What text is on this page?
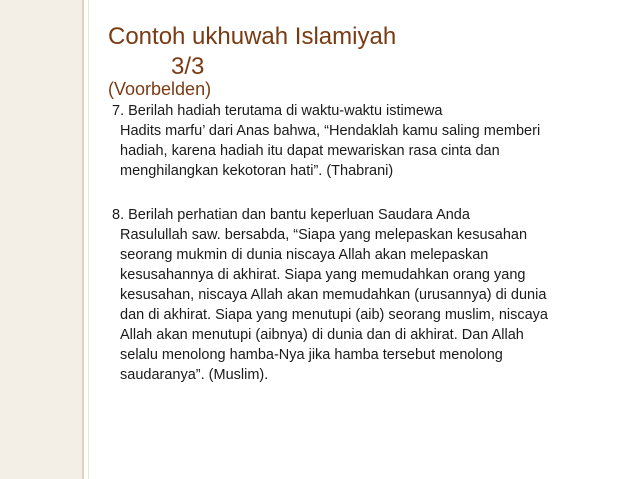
Contoh ukhuwah Islamiyah
3/3
(Voorbelden)
7. Berilah hadiah terutama di waktu-waktu istimewa
Hadits marfu’ dari Anas bahwa, “Hendaklah kamu saling memberi
hadiah, karena hadiah itu dapat mewariskan rasa cinta dan
menghilangkan kekotoran hati”. (Thabrani)
8. Berilah perhatian dan bantu keperluan Saudara Anda
Rasulullah saw. bersabda, “Siapa yang melepaskan kesusahan
seorang mukmin di dunia niscaya Allah akan melepaskan
kesusahannya di akhirat. Siapa yang memudahkan orang yang
kesusahan, niscaya Allah akan memudahkan (urusannya) di dunia
dan di akhirat. Siapa yang menutupi (aib) seorang muslim, niscaya
Allah akan menutupi (aibnya) di dunia dan di akhirat. Dan Allah
selalu menolong hamba-Nya jika hamba tersebut menolong
saudaranya”. (Muslim).
